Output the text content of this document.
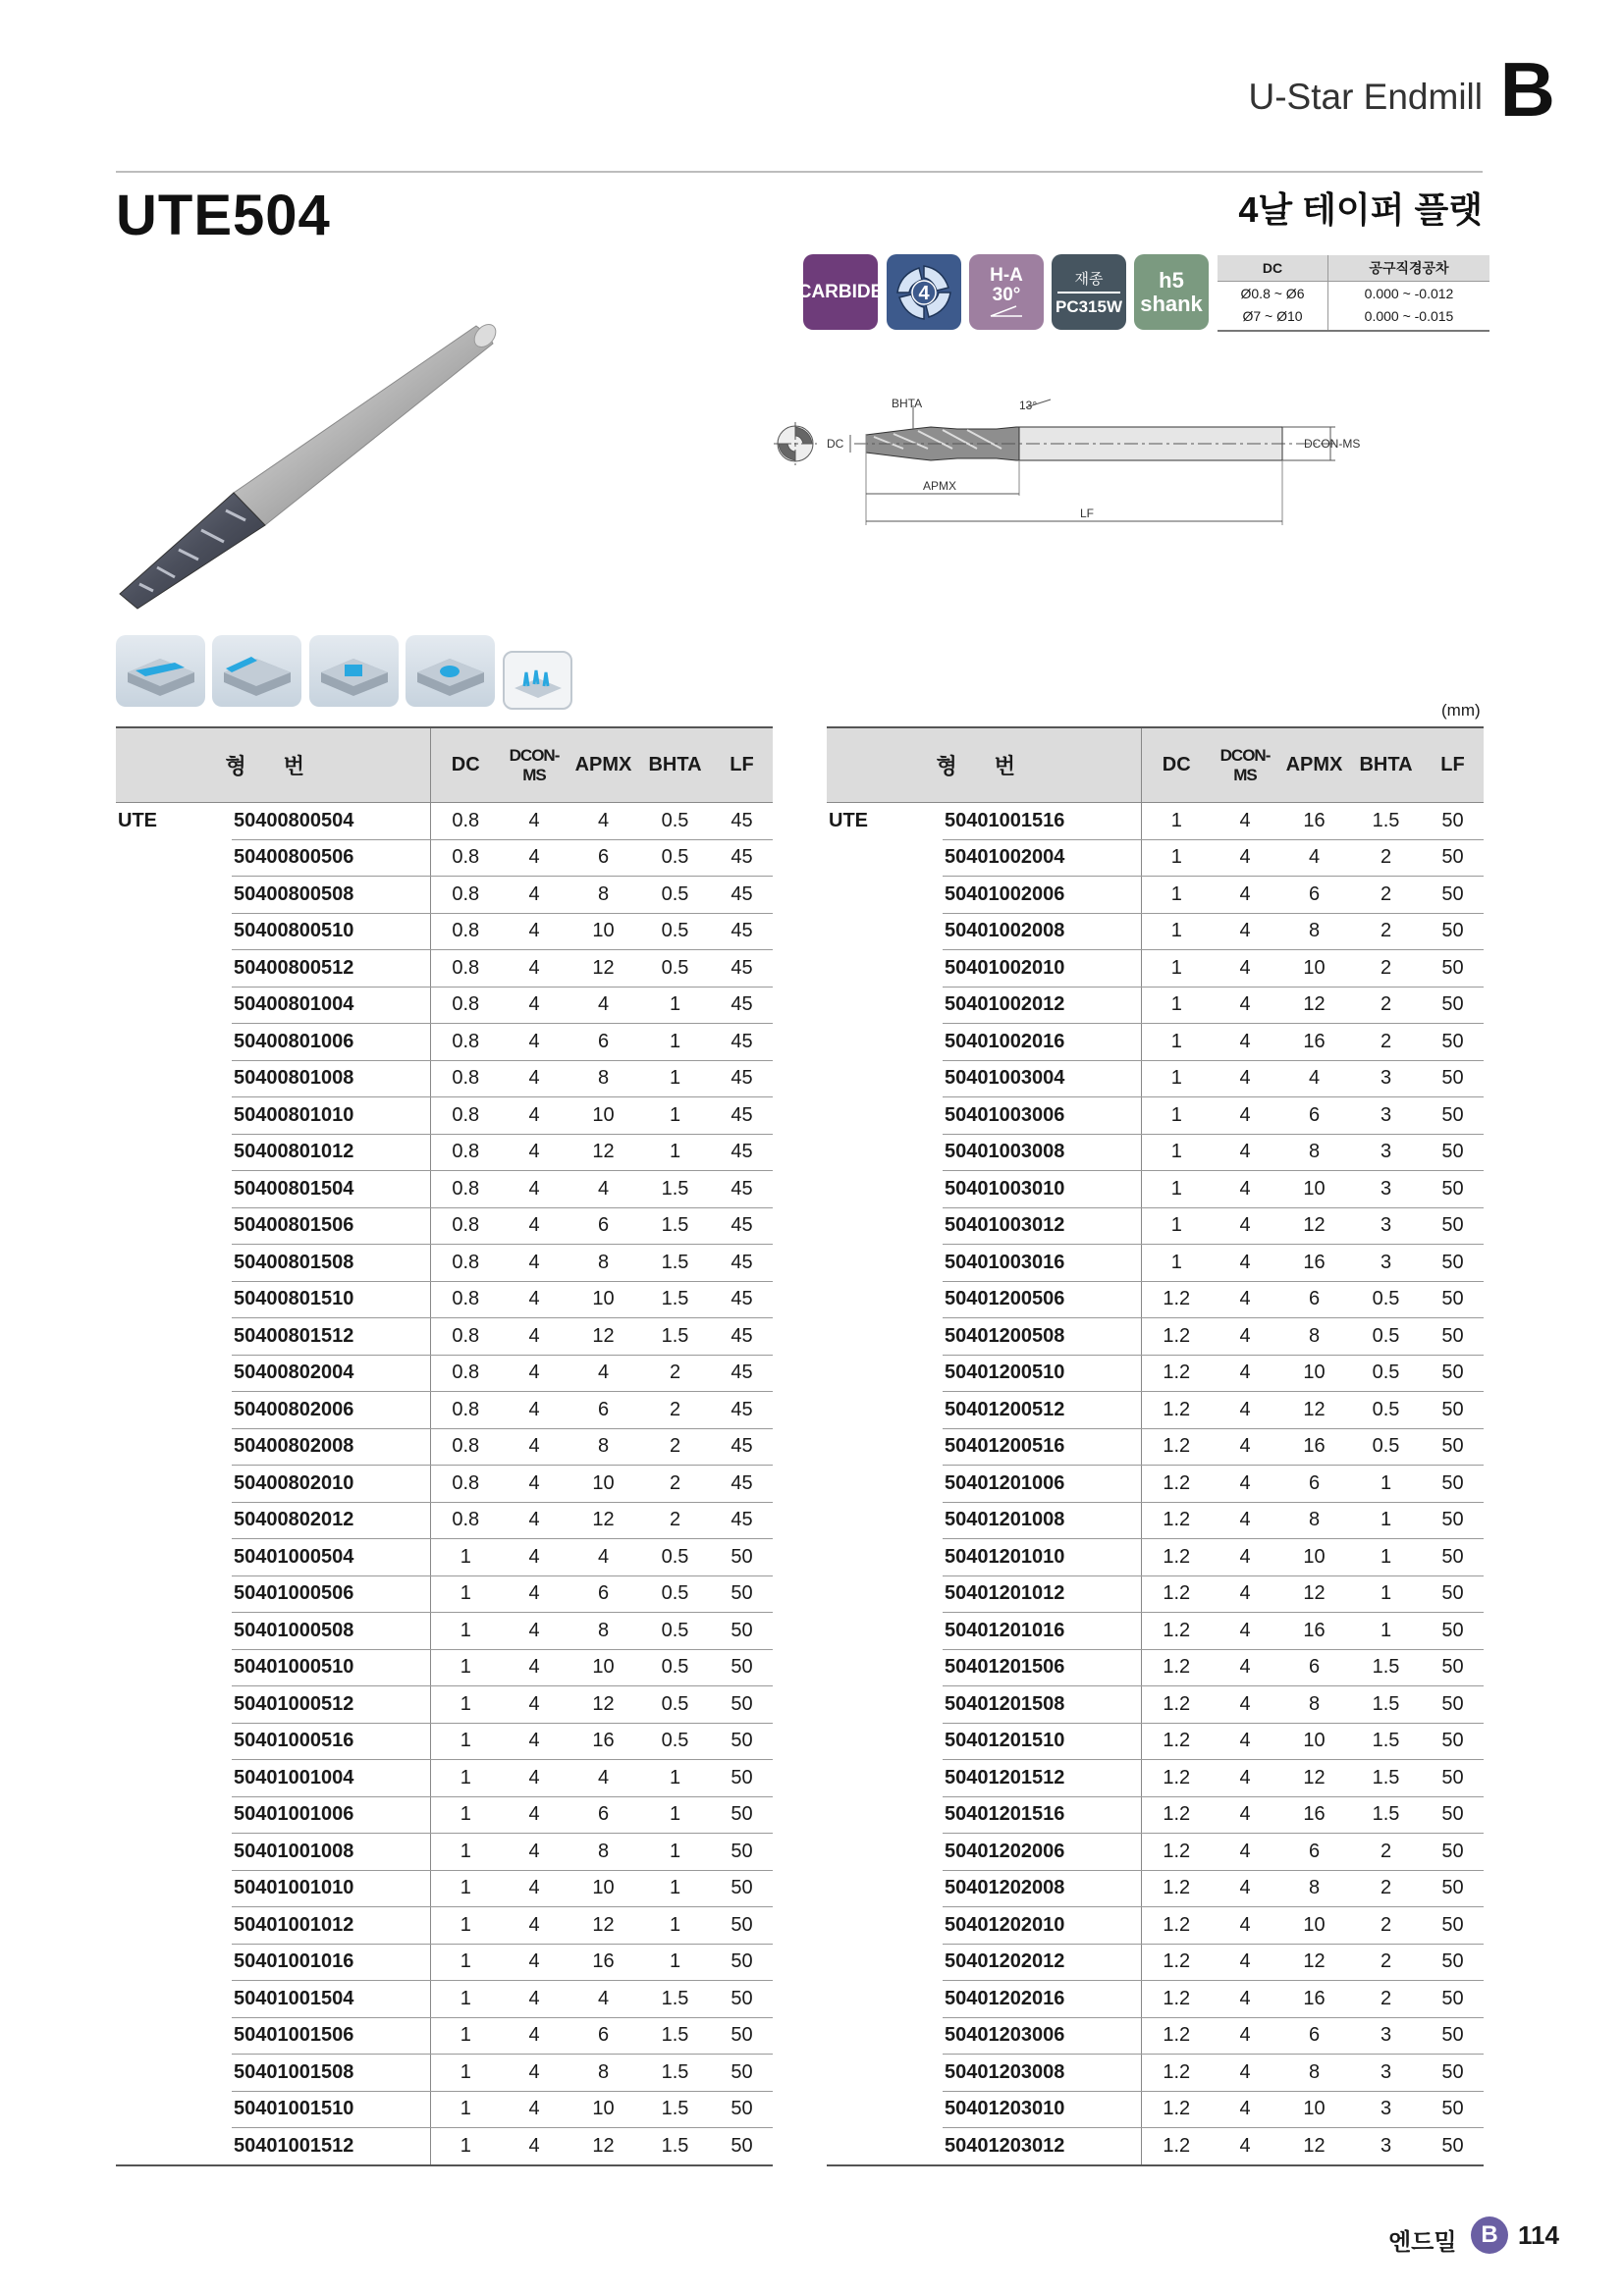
U-Star Endmill B
UTE504	4날 테이퍼 플랫
CARBIDE 4
H-A
30°
재종
PC315W
h5
shank
DC	공구직경공차
Ø0.8 ~ Ø6	0.000 ~ -0.012
Ø7 ~ Ø10	0.000 ~ -0.015
BHTA	13°
DC	DCON-MS
APMX
LF
(mm)
형 번		DC	DCON-MS	APMX	BHTA	LF
UTE	50400800504	0.8	4	4	0.5	45
	50400800506	0.8	4	6	0.5	45
	50400800508	0.8	4	8	0.5	45
	50400800510	0.8	4	10	0.5	45
	50400800512	0.8	4	12	0.5	45
	50400801004	0.8	4	4	1	45
	50400801006	0.8	4	6	1	45
	50400801008	0.8	4	8	1	45
	50400801010	0.8	4	10	1	45
	50400801012	0.8	4	12	1	45
	50400801504	0.8	4	4	1.5	45
	50400801506	0.8	4	6	1.5	45
	50400801508	0.8	4	8	1.5	45
	50400801510	0.8	4	10	1.5	45
	50400801512	0.8	4	12	1.5	45
	50400802004	0.8	4	4	2	45
	50400802006	0.8	4	6	2	45
	50400802008	0.8	4	8	2	45
	50400802010	0.8	4	10	2	45
	50400802012	0.8	4	12	2	45
	50401000504	1	4	4	0.5	50
	50401000506	1	4	6	0.5	50
	50401000508	1	4	8	0.5	50
	50401000510	1	4	10	0.5	50
	50401000512	1	4	12	0.5	50
	50401000516	1	4	16	0.5	50
	50401001004	1	4	4	1	50
	50401001006	1	4	6	1	50
	50401001008	1	4	8	1	50
	50401001010	1	4	10	1	50
	50401001012	1	4	12	1	50
	50401001016	1	4	16	1	50
	50401001504	1	4	4	1.5	50
	50401001506	1	4	6	1.5	50
	50401001508	1	4	8	1.5	50
	50401001510	1	4	10	1.5	50
	50401001512	1	4	12	1.5	50
형 번		DC	DCON-MS	APMX	BHTA	LF
UTE	50401001516	1	4	16	1.5	50
	50401002004	1	4	4	2	50
	50401002006	1	4	6	2	50
	50401002008	1	4	8	2	50
	50401002010	1	4	10	2	50
	50401002012	1	4	12	2	50
	50401002016	1	4	16	2	50
	50401003004	1	4	4	3	50
	50401003006	1	4	6	3	50
	50401003008	1	4	8	3	50
	50401003010	1	4	10	3	50
	50401003012	1	4	12	3	50
	50401003016	1	4	16	3	50
	50401200506	1.2	4	6	0.5	50
	50401200508	1.2	4	8	0.5	50
	50401200510	1.2	4	10	0.5	50
	50401200512	1.2	4	12	0.5	50
	50401200516	1.2	4	16	0.5	50
	50401201006	1.2	4	6	1	50
	50401201008	1.2	4	8	1	50
	50401201010	1.2	4	10	1	50
	50401201012	1.2	4	12	1	50
	50401201016	1.2	4	16	1	50
	50401201506	1.2	4	6	1.5	50
	50401201508	1.2	4	8	1.5	50
	50401201510	1.2	4	10	1.5	50
	50401201512	1.2	4	12	1.5	50
	50401201516	1.2	4	16	1.5	50
	50401202006	1.2	4	6	2	50
	50401202008	1.2	4	8	2	50
	50401202010	1.2	4	10	2	50
	50401202012	1.2	4	12	2	50
	50401202016	1.2	4	16	2	50
	50401203006	1.2	4	6	3	50
	50401203008	1.2	4	8	3	50
	50401203010	1.2	4	10	3	50
	50401203012	1.2	4	12	3	50
엔드밀	B 114
